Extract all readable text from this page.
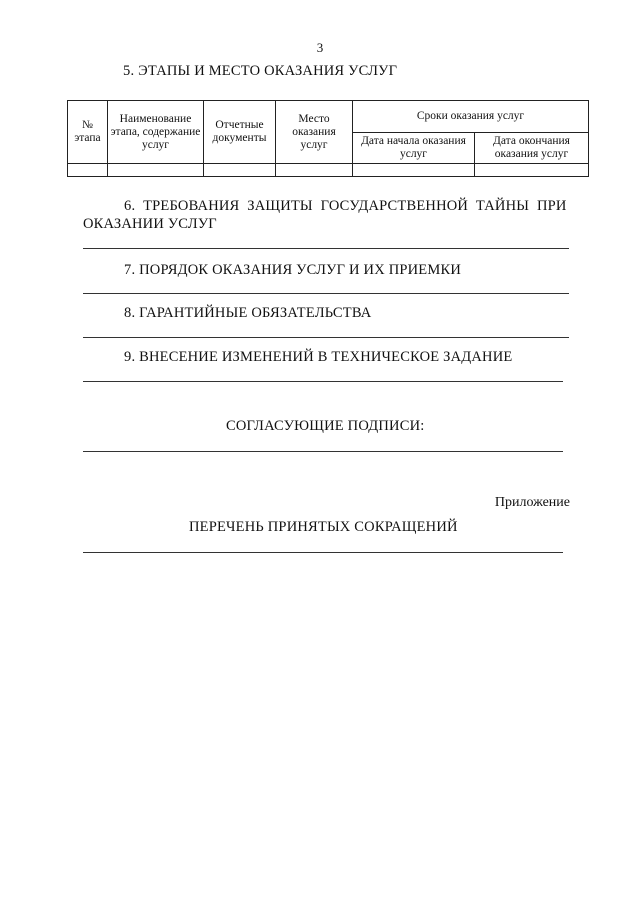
3
5. ЭТАПЫ И МЕСТО ОКАЗАНИЯ УСЛУГ
№ этапа	Наименование этапа, содержание услуг	Отчетные документы	Место оказания услуг	Сроки оказания услуг	
				Дата начала оказания услуг	Дата окончания оказания услуг

6. ТРЕБОВАНИЯ ЗАЩИТЫ ГОСУДАРСТВЕННОЙ ТАЙНЫ ПРИ
ОКАЗАНИИ УСЛУГ
7. ПОРЯДОК ОКАЗАНИЯ УСЛУГ И ИХ ПРИЕМКИ
8. ГАРАНТИЙНЫЕ ОБЯЗАТЕЛЬСТВА
9. ВНЕСЕНИЕ ИЗМЕНЕНИЙ В ТЕХНИЧЕСКОЕ ЗАДАНИЕ
СОГЛАСУЮЩИЕ ПОДПИСИ:
Приложение
ПЕРЕЧЕНЬ ПРИНЯТЫХ СОКРАЩЕНИЙ
